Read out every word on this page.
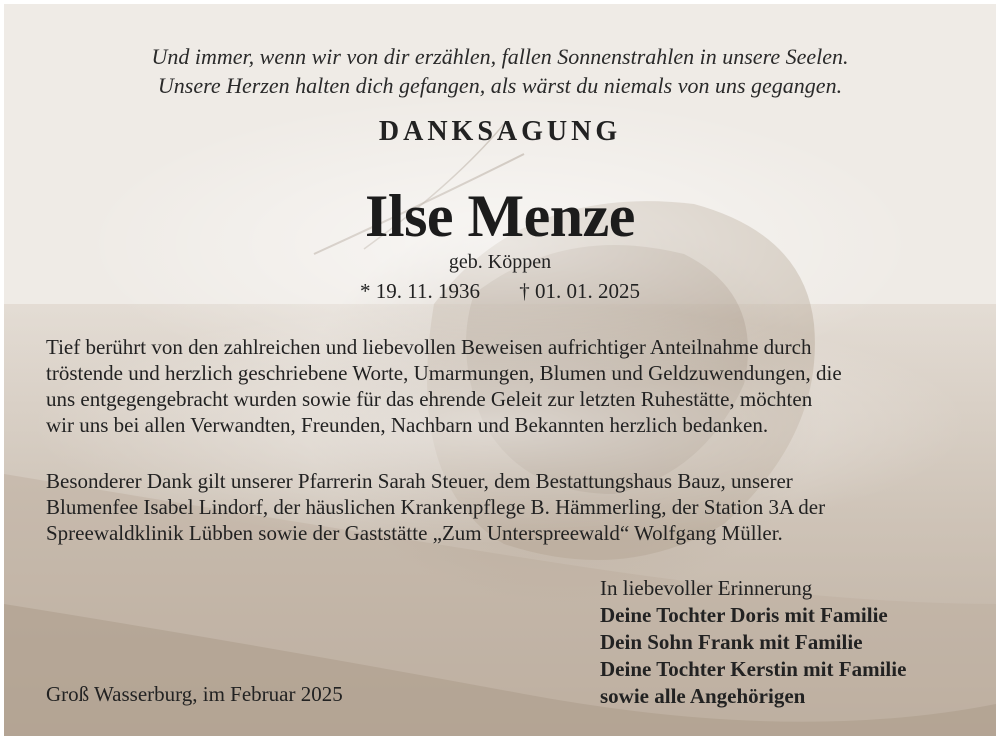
Und immer, wenn wir von dir erzählen, fallen Sonnenstrahlen in unsere Seelen.
Unsere Herzen halten dich gefangen, als wärst du niemals von uns gegangen.
DANKSAGUNG
Ilse Menze
geb. Köppen
* 19. 11. 1936 † 01. 01. 2025
Tief berührt von den zahlreichen und liebevollen Beweisen aufrichtiger Anteilnahme durch
tröstende und herzlich geschriebene Worte, Umarmungen, Blumen und Geldzuwendungen, die
uns entgegengebracht wurden sowie für das ehrende Geleit zur letzten Ruhestätte, möchten
wir uns bei allen Verwandten, Freunden, Nachbarn und Bekannten herzlich bedanken.
Besonderer Dank gilt unserer Pfarrerin Sarah Steuer, dem Bestattungshaus Bauz, unserer
Blumenfee Isabel Lindorf, der häuslichen Krankenpflege B. Hämmerling, der Station 3A der
Spreewaldklinik Lübben sowie der Gaststätte „Zum Unterspreewald“ Wolfgang Müller.
In liebevoller Erinnerung
Deine Tochter Doris mit Familie
Dein Sohn Frank mit Familie
Deine Tochter Kerstin mit Familie
sowie alle Angehörigen
Groß Wasserburg, im Februar 2025
